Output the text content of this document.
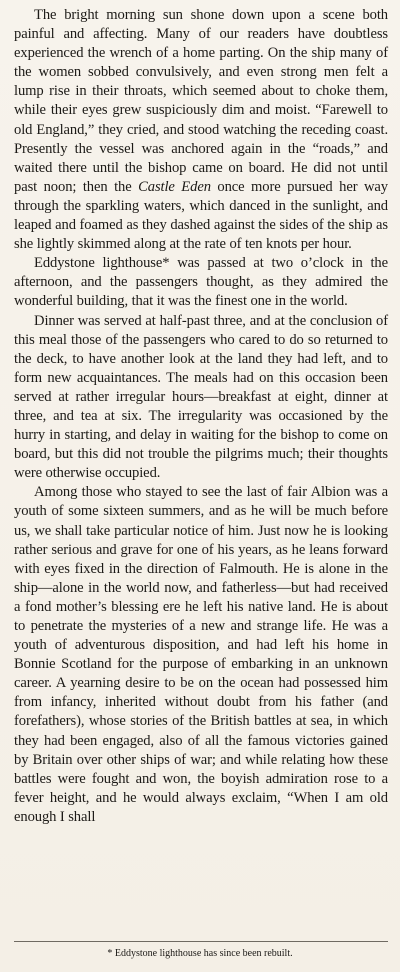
The bright morning sun shone down upon a scene both painful and affecting. Many of our readers have doubtless experienced the wrench of a home parting. On the ship many of the women sobbed convulsively, and even strong men felt a lump rise in their throats, which seemed about to choke them, while their eyes grew suspiciously dim and moist. “Farewell to old England,” they cried, and stood watching the receding coast. Presently the vessel was anchored again in the “roads,” and waited there until the bishop came on board. He did not until past noon; then the Castle Eden once more pursued her way through the sparkling waters, which danced in the sunlight, and leaped and foamed as they dashed against the sides of the ship as she lightly skimmed along at the rate of ten knots per hour.

Eddystone lighthouse* was passed at two o’clock in the afternoon, and the passengers thought, as they admired the wonderful building, that it was the finest one in the world.

Dinner was served at half-past three, and at the conclusion of this meal those of the passengers who cared to do so returned to the deck, to have another look at the land they had left, and to form new acquaintances. The meals had on this occasion been served at rather irregular hours—breakfast at eight, dinner at three, and tea at six. The irregularity was occasioned by the hurry in starting, and delay in waiting for the bishop to come on board, but this did not trouble the pilgrims much; their thoughts were otherwise occupied.

Among those who stayed to see the last of fair Albion was a youth of some sixteen summers, and as he will be much before us, we shall take particular notice of him. Just now he is looking rather serious and grave for one of his years, as he leans forward with eyes fixed in the direction of Falmouth. He is alone in the ship—alone in the world now, and fatherless—but had received a fond mother’s blessing ere he left his native land. He is about to penetrate the mysteries of a new and strange life. He was a youth of adventurous disposition, and had left his home in Bonnie Scotland for the purpose of embarking in an unknown career. A yearning desire to be on the ocean had possessed him from infancy, inherited without doubt from his father (and forefathers), whose stories of the British battles at sea, in which they had been engaged, also of all the famous victories gained by Britain over other ships of war; and while relating how these battles were fought and won, the boyish admiration rose to a fever height, and he would always exclaim, “When I am old enough I shall

* Eddystone lighthouse has since been rebuilt.
